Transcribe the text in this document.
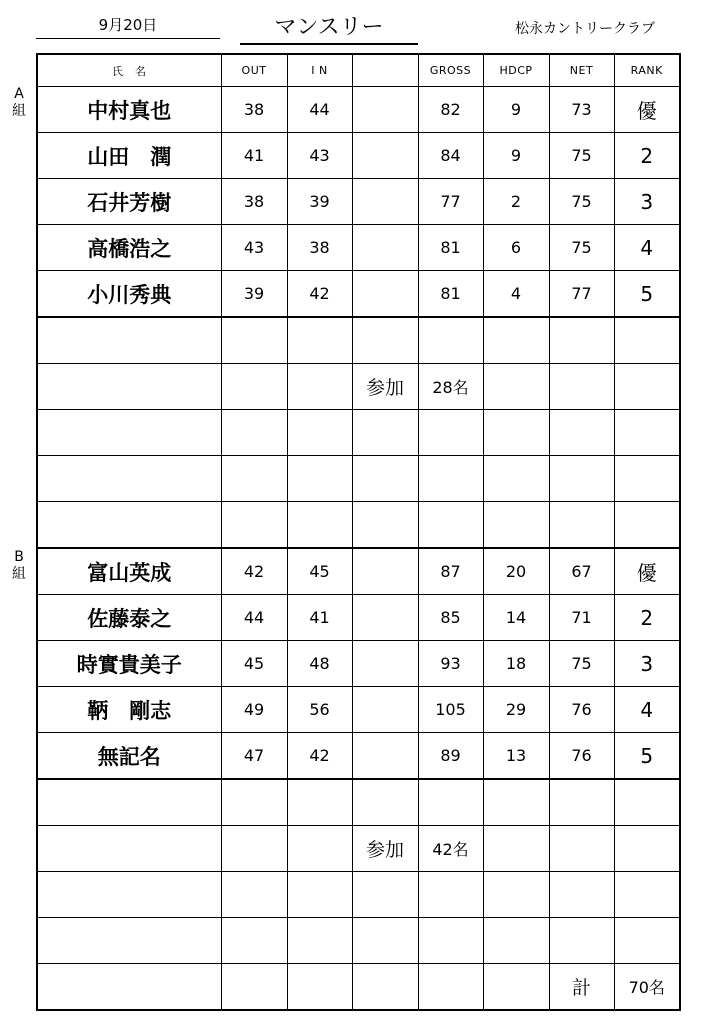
9月20日	マンスリー	松永カントリークラブ
A
組
B
組
氏　名	OUT	I N		GROSS	HDCP	NET	RANK
中村真也	38	44		82	9	73	優
山田　潤	41	43		84	9	75	2
石井芳樹	38	39		77	2	75	3
高橋浩之	43	38		81	6	75	4
小川秀典	39	42		81	4	77	5

			参加	28名			

富山英成	42	45		87	20	67	優
佐藤泰之	44	41		85	14	71	2
時實貴美子	45	48		93	18	75	3
鞆　剛志	49	56		105	29	76	4
無記名	47	42		89	13	76	5

			参加	42名			

						計	70名
